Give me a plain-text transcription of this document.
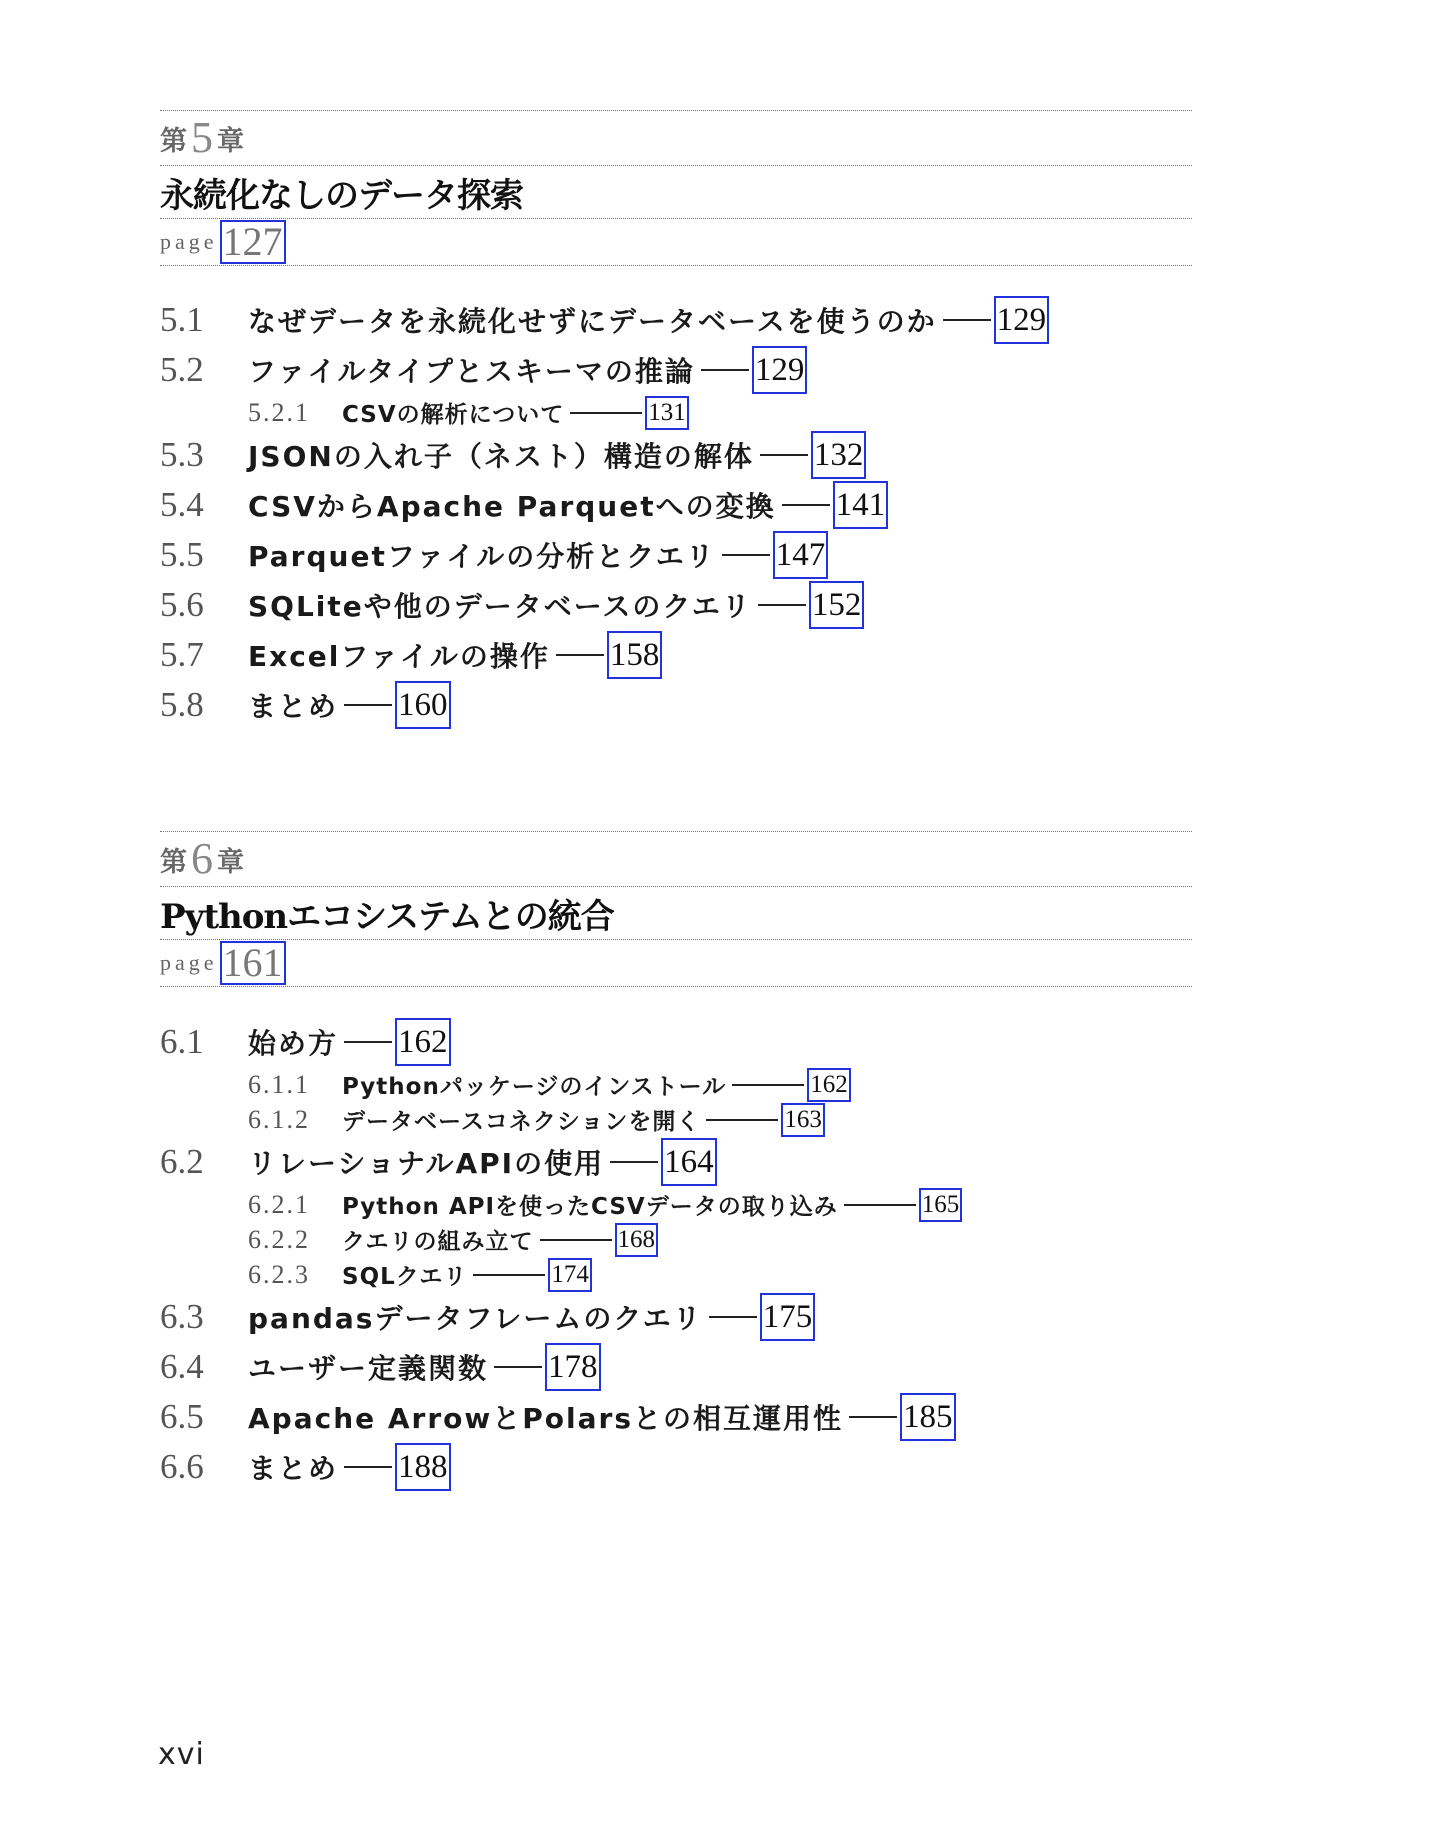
第 5 章
永続化なしのデータ探索
page 127
5.1	なぜデータを永続化せずにデータベースを使うのか 129
5.2	ファイルタイプとスキーマの推論 129
5.2.1	CSVの解析について	131
5.3	JSONの入れ子（ネスト）構造の解体 132
5.4	CSVからApache Parquetへの変換 141
5.5	Parquetファイルの分析とクエリ 147
5.6	SQLiteや他のデータベースのクエリ 152
5.7	Excelファイルの操作 158
5.8	まとめ 160
第 6 章
Pythonエコシステムとの統合
page 161
6.1	始め方 162
6.1.1	Pythonパッケージのインストール	162
6.1.2	データベースコネクションを開く	163
6.2	リレーショナルAPIの使用 164
6.2.1	Python APIを使ったCSVデータの取り込み	165
6.2.2	クエリの組み立て	168
6.2.3	SQLクエリ	174
6.3	pandasデータフレームのクエリ 175
6.4	ユーザー定義関数 178
6.5	Apache ArrowとPolarsとの相互運用性 185
6.6	まとめ 188
xvi
